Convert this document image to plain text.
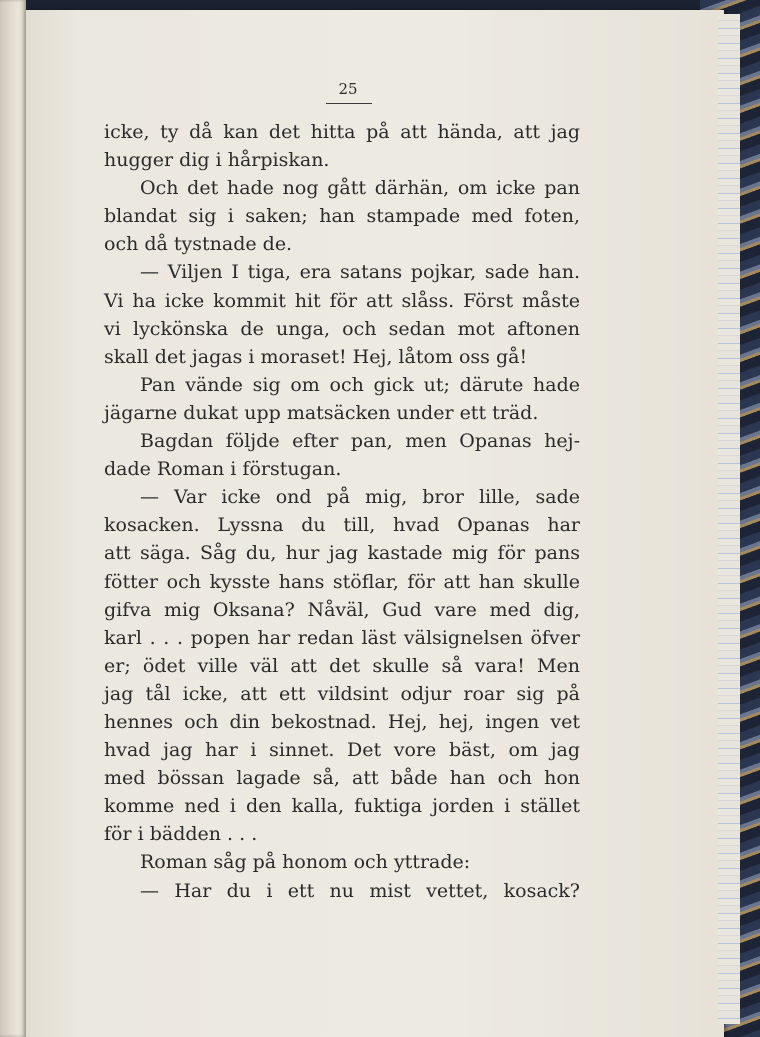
25
icke, ty då kan det hitta på att hända, att jag
hugger dig i hårpiskan.
Och det hade nog gått därhän, om icke pan
blandat sig i saken; han stampade med foten,
och då tystnade de.
— Viljen I tiga, era satans pojkar, sade han.
Vi ha icke kommit hit för att slåss. Först måste
vi lyckönska de unga, och sedan mot aftonen
skall det jagas i moraset! Hej, låtom oss gå!
Pan vände sig om och gick ut; därute hade
jägarne dukat upp matsäcken under ett träd.
Bagdan följde efter pan, men Opanas hej-
dade Roman i förstugan.
— Var icke ond på mig, bror lille, sade
kosacken. Lyssna du till, hvad Opanas har
att säga. Såg du, hur jag kastade mig för pans
fötter och kysste hans stöflar, för att han skulle
gifva mig Oksana? Nåväl, Gud vare med dig,
karl . . . popen har redan läst välsignelsen öfver
er; ödet ville väl att det skulle så vara! Men
jag tål icke, att ett vildsint odjur roar sig på
hennes och din bekostnad. Hej, hej, ingen vet
hvad jag har i sinnet. Det vore bäst, om jag
med bössan lagade så, att både han och hon
komme ned i den kalla, fuktiga jorden i stället
för i bädden . . .
Roman såg på honom och yttrade:
— Har du i ett nu mist vettet, kosack?
